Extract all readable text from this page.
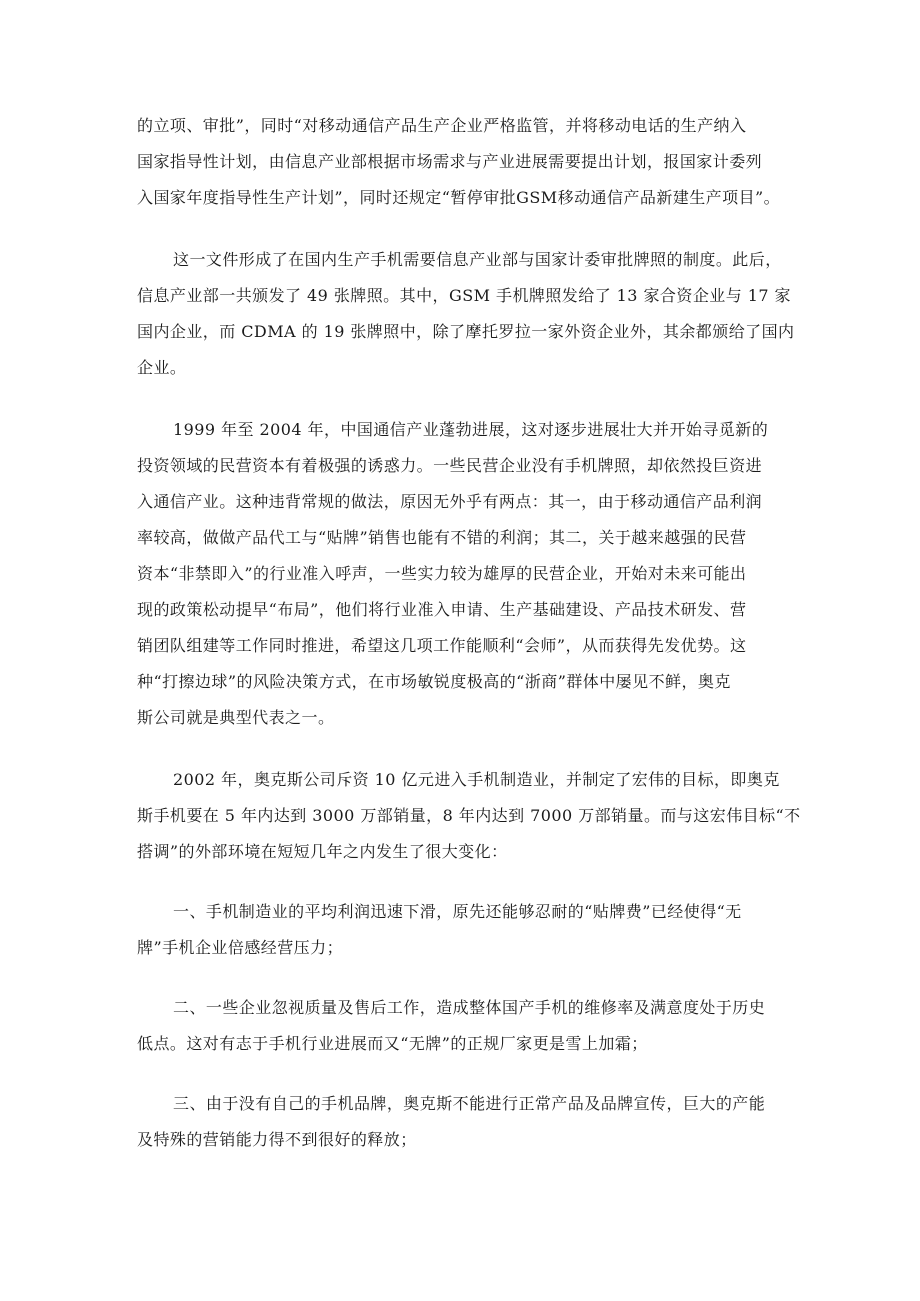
的立项、审批”，同时“对移动通信产品生产企业严格监管，并将移动电话的生产纳入
国家指导性计划，由信息产业部根据市场需求与产业进展需要提出计划，报国家计委列
入国家年度指导性生产计划”，同时还规定“暂停审批GSM移动通信产品新建生产项目”。

这一文件形成了在国内生产手机需要信息产业部与国家计委审批牌照的制度。此后，
信息产业部一共颁发了 49 张牌照。其中，GSM 手机牌照发给了 13 家合资企业与 17 家
国内企业，而 CDMA 的 19 张牌照中，除了摩托罗拉一家外资企业外，其余都颁给了国内
企业。

1999 年至 2004 年，中国通信产业蓬勃进展，这对逐步进展壮大并开始寻觅新的
投资领域的民营资本有着极强的诱惑力。一些民营企业没有手机牌照，却依然投巨资进
入通信产业。这种违背常规的做法，原因无外乎有两点：其一，由于移动通信产品利润
率较高，做做产品代工与“贴牌”销售也能有不错的利润；其二，关于越来越强的民营
资本“非禁即入”的行业准入呼声，一些实力较为雄厚的民营企业，开始对未来可能出
现的政策松动提早“布局”，他们将行业准入申请、生产基础建设、产品技术研发、营
销团队组建等工作同时推进，希望这几项工作能顺利“会师”，从而获得先发优势。这
种“打擦边球”的风险决策方式，在市场敏锐度极高的“浙商”群体中屡见不鲜，奥克
斯公司就是典型代表之一。

2002 年，奥克斯公司斥资 10 亿元进入手机制造业，并制定了宏伟的目标，即奥克
斯手机要在 5 年内达到 3000 万部销量，8 年内达到 7000 万部销量。而与这宏伟目标“不
搭调”的外部环境在短短几年之内发生了很大变化：

一、手机制造业的平均利润迅速下滑，原先还能够忍耐的“贴牌费”已经使得“无
牌”手机企业倍感经营压力；

二、一些企业忽视质量及售后工作，造成整体国产手机的维修率及满意度处于历史
低点。这对有志于手机行业进展而又“无牌”的正规厂家更是雪上加霜；

三、由于没有自己的手机品牌，奥克斯不能进行正常产品及品牌宣传，巨大的产能
及特殊的营销能力得不到很好的释放；
